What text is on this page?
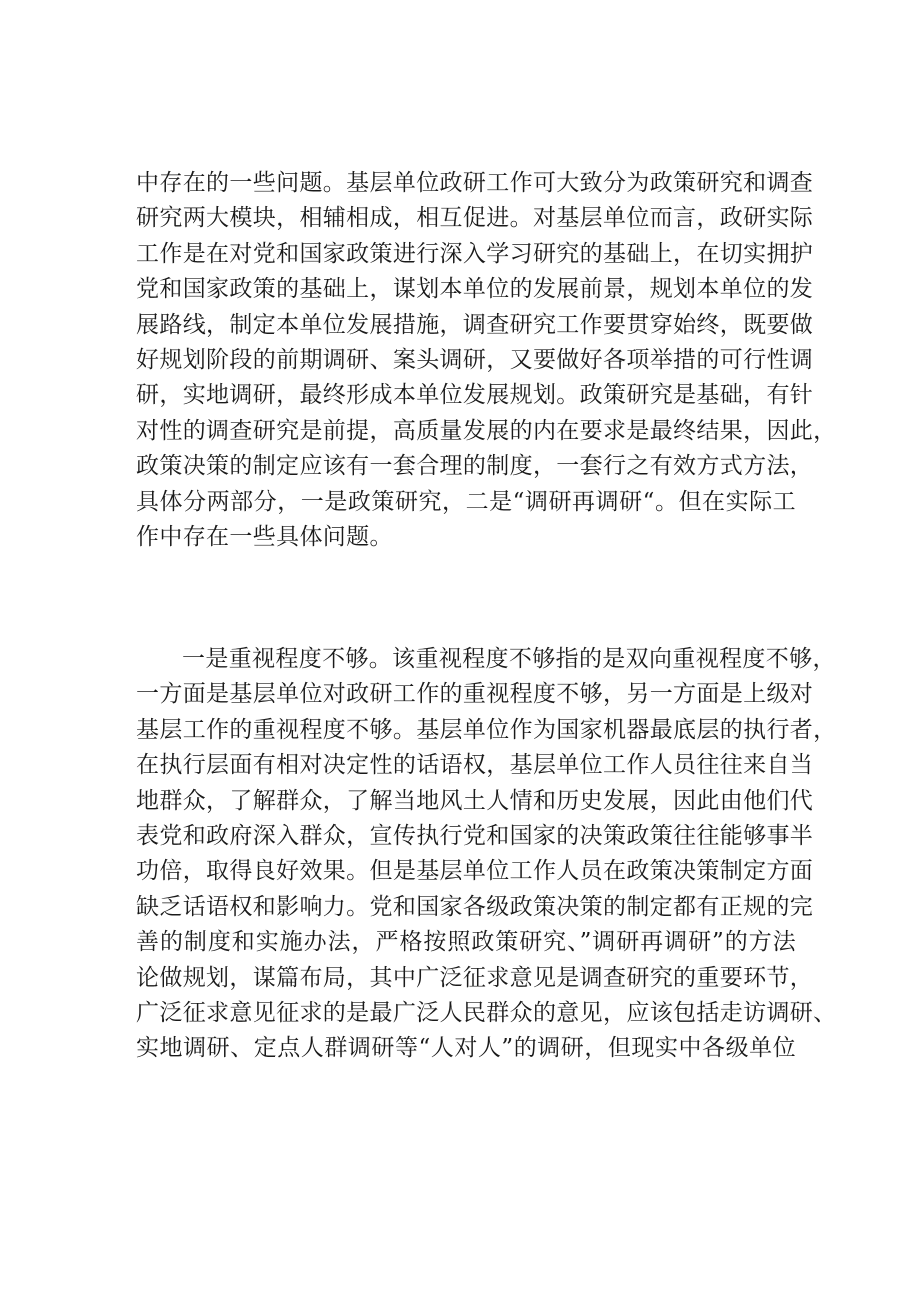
中存在的一些问题。基层单位政研工作可大致分为政策研究和调查
研究两大模块，相辅相成，相互促进。对基层单位而言，政研实际
工作是在对党和国家政策进行深入学习研究的基础上，在切实拥护
党和国家政策的基础上，谋划本单位的发展前景，规划本单位的发
展路线，制定本单位发展措施，调查研究工作要贯穿始终，既要做
好规划阶段的前期调研、案头调研，又要做好各项举措的可行性调
研，实地调研，最终形成本单位发展规划。政策研究是基础，有针
对性的调查研究是前提，高质量发展的内在要求是最终结果，因此，
政策决策的制定应该有一套合理的制度，一套行之有效方式方法，
具体分两部分，一是政策研究，二是“调研再调研“。但在实际工
作中存在一些具体问题。
一是重视程度不够。该重视程度不够指的是双向重视程度不够，
一方面是基层单位对政研工作的重视程度不够，另一方面是上级对
基层工作的重视程度不够。基层单位作为国家机器最底层的执行者，
在执行层面有相对决定性的话语权，基层单位工作人员往往来自当
地群众，了解群众，了解当地风土人情和历史发展，因此由他们代
表党和政府深入群众，宣传执行党和国家的决策政策往往能够事半
功倍，取得良好效果。但是基层单位工作人员在政策决策制定方面
缺乏话语权和影响力。党和国家各级政策决策的制定都有正规的完
善的制度和实施办法，严格按照政策研究、”调研再调研”的方法
论做规划，谋篇布局，其中广泛征求意见是调查研究的重要环节，
广泛征求意见征求的是最广泛人民群众的意见，应该包括走访调研、
实地调研、定点人群调研等“人对人”的调研，但现实中各级单位
